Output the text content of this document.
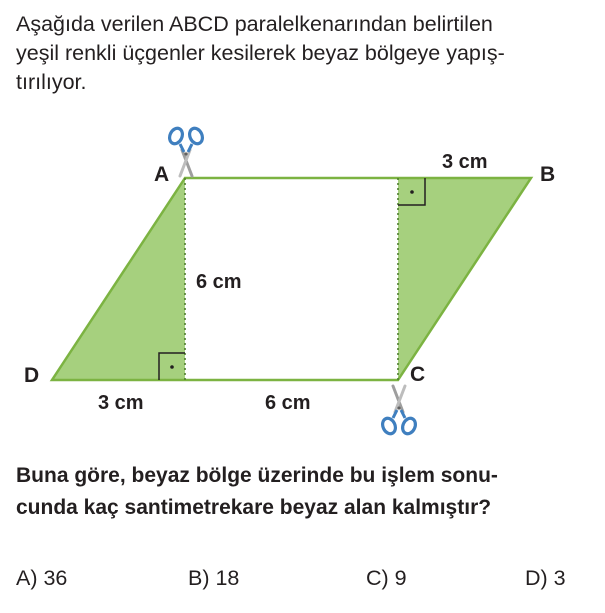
Aşağıda verilen ABCD paralelkenarından belirtilen
yeşil renkli üçgenler kesilerek beyaz bölgeye yapış-
tırılıyor.
A	B
C
D
3 cm
6 cm
3 cm	6 cm
Buna göre, beyaz bölge üzerinde bu işlem sonu-
cunda kaç santimetrekare beyaz alan kalmıştır?
A) 36	B) 18	C) 9	D) 3
